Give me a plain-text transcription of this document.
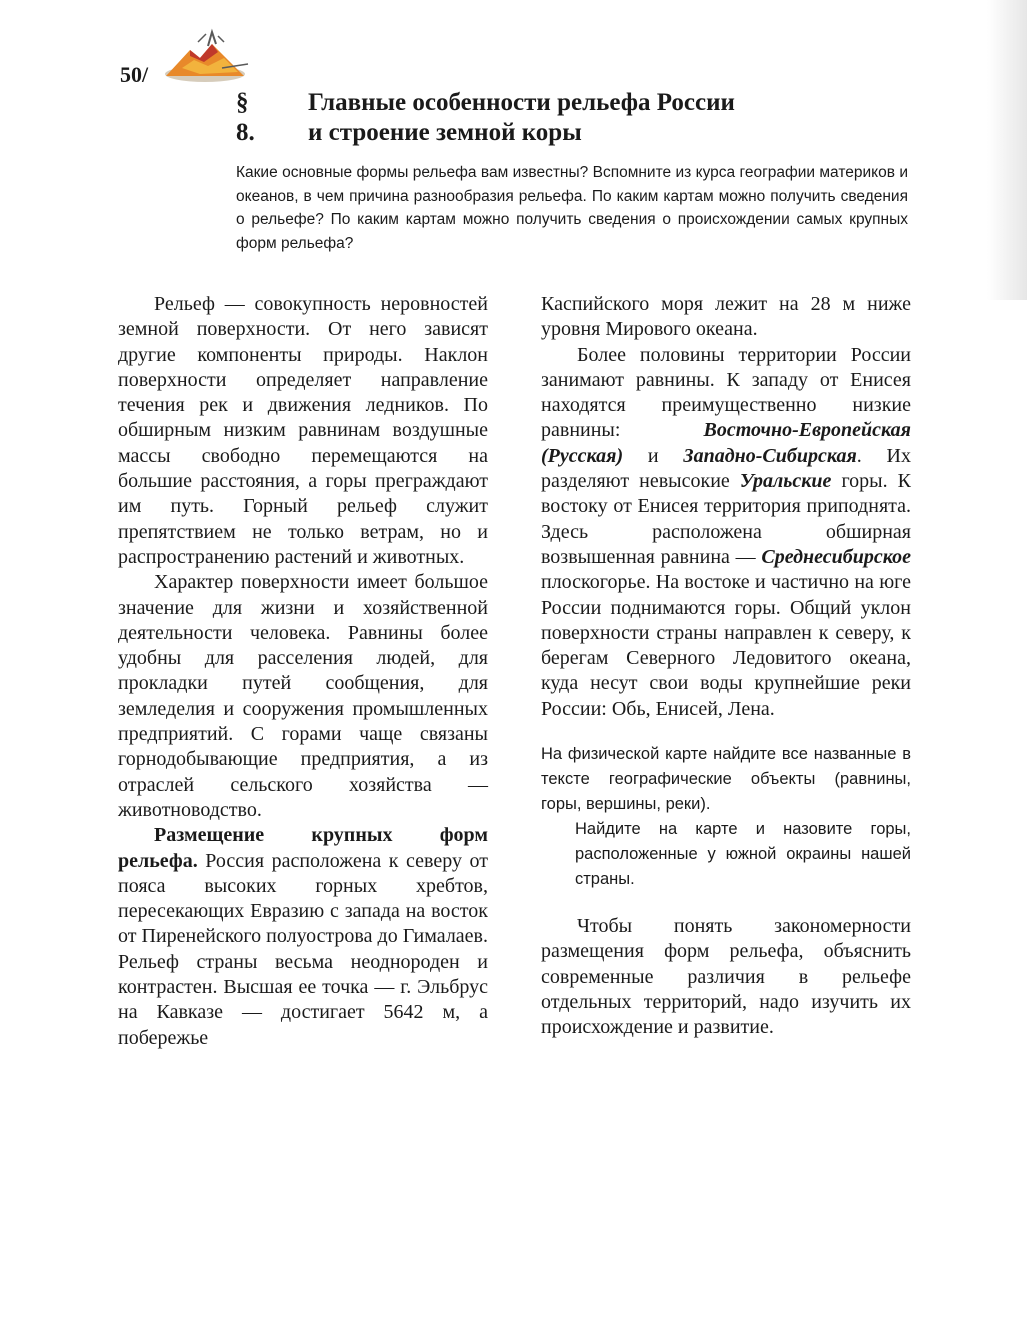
50/
§ 8.
Главные особенности рельефа России
и строение земной коры
Какие основные формы рельефа вам известны? Вспомните из курса географии материков и океанов, в чем причина разнообразия рельефа. По каким картам можно получить сведения о рельефе? По каким картам можно получить сведения о происхождении самых крупных форм рельефа?

Рельеф — совокупность неровностей земной поверхности. От него зависят другие компоненты природы. Наклон поверхности определяет направление течения рек и движения ледников. По обширным низким равнинам воздушные массы свободно перемещаются на большие расстояния, а горы преграждают им путь. Горный рельеф служит препятствием не только ветрам, но и распространению растений и животных.

Характер поверхности имеет большое значение для жизни и хозяйственной деятельности человека. Равнины более удобны для расселения людей, для прокладки путей сообщения, для земледелия и сооружения промышленных предприятий. С горами чаще связаны горнодобывающие предприятия, а из отраслей сельского хозяйства — животноводство.

Размещение крупных форм рельефа. Россия расположена к северу от пояса высоких горных хребтов, пересекающих Евразию с запада на восток от Пиренейского полуострова до Гималаев. Рельеф страны весьма неоднороден и контрастен. Высшая ее точка — г. Эльбрус на Кавказе — достигает 5642 м, а побережье

Каспийского моря лежит на 28 м ниже уровня Мирового океана.

Более половины территории России занимают равнины. К западу от Енисея находятся преимущественно низкие равнины: Восточно-Европейская (Русская) и Западно-Сибирская. Их разделяют невысокие Уральские горы. К востоку от Енисея территория приподнята. Здесь расположена обширная возвышенная равнина — Среднесибирское плоскогорье. На востоке и частично на юге России поднимаются горы. Общий уклон поверхности страны направлен к северу, к берегам Северного Ледовитого океана, куда несут свои воды крупнейшие реки России: Обь, Енисей, Лена.

На физической карте найдите все названные в тексте географические объекты (равнины, горы, вершины, реки).

Найдите на карте и назовите горы, расположенные у южной окраины нашей страны.

Чтобы понять закономерности размещения форм рельефа, объяснить современные различия в рельефе отдельных территорий, надо изучить их происхождение и развитие.
